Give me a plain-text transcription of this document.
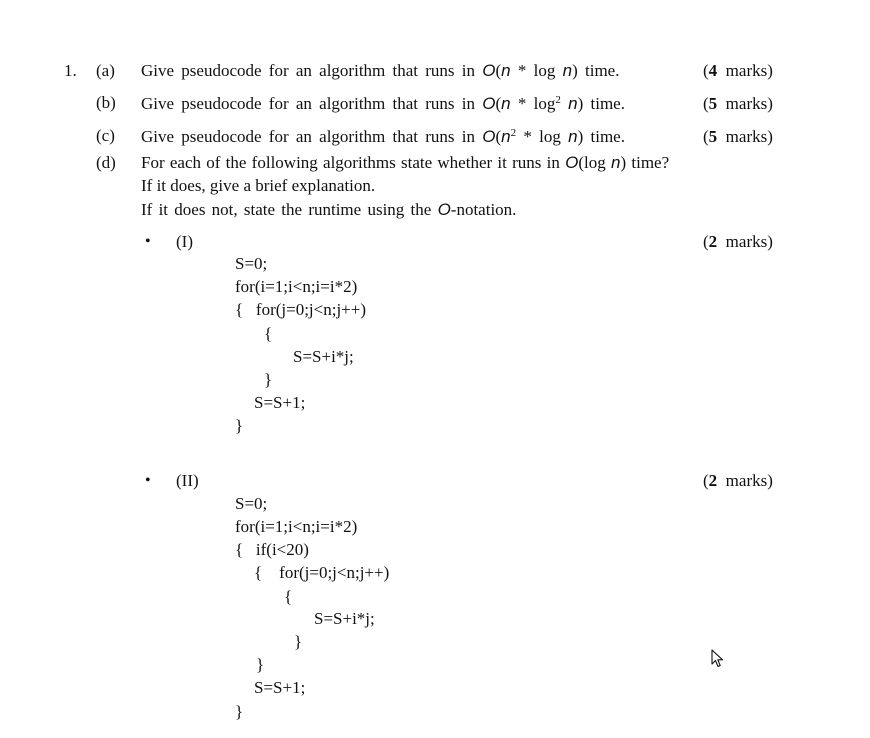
1. (a) Give pseudocode for an algorithm that runs in O(n * log n) time.	(4 marks)
(b) Give pseudocode for an algorithm that runs in $O(n * \log^2 n)$ time.	(5 marks)
(c) Give pseudocode for an algorithm that runs in $O(n^2$ * log n) time.	(5 marks)
(d) For each of the following algorithms state whether it runs in O(log n) time?
If it does, give a brief explanation.
If it does not, state the runtime using the O-notation.
• (I)	(2 marks)
S=0;
for(i=1;i<n;i=i*2)
{   for(j=0;j<n;j++)
{
S=S+i*j;
}
S=S+1;
}
• (II)	(2 marks)
S=0;
for(i=1;i<n;i=i*2)
{   if(i<20)
{    for(j=0;j<n;j++)
{
S=S+i*j;
}
}
S=S+1;
}
